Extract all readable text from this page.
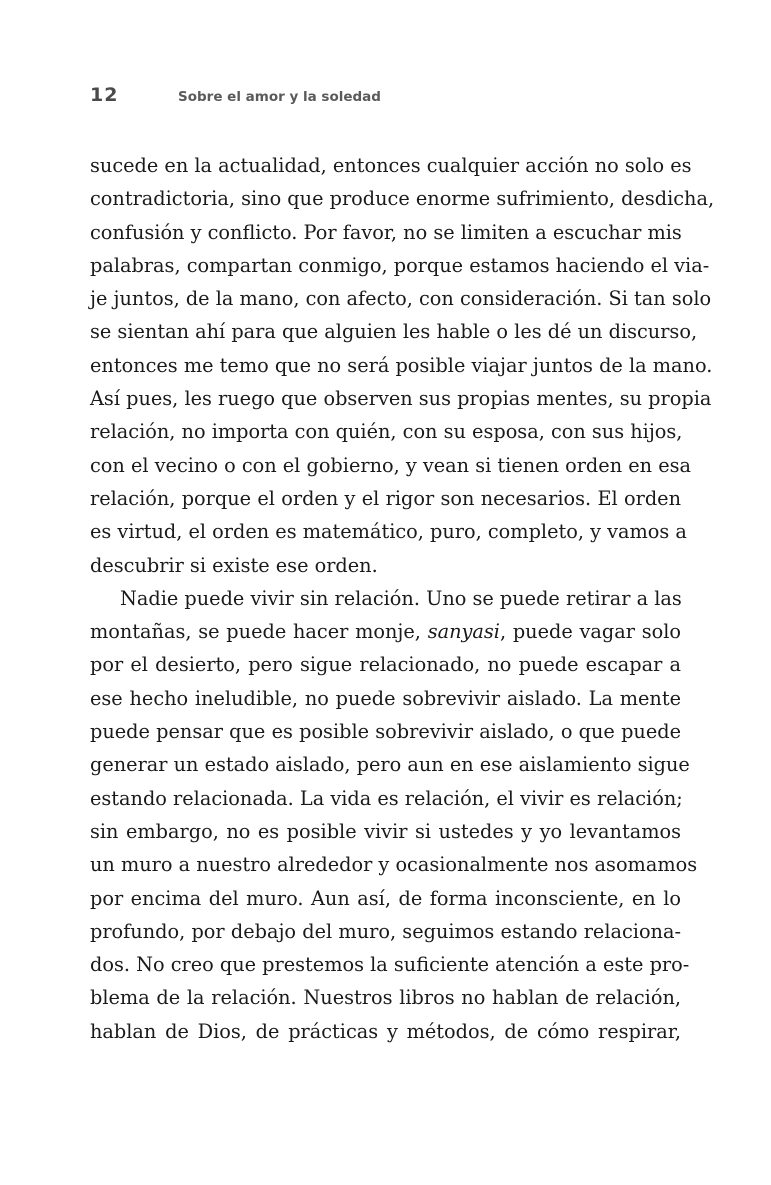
12	Sobre el amor y la soledad
sucede en la actualidad, entonces cualquier acción no solo es
contradictoria, sino que produce enorme sufrimiento, desdicha,
confusión y conflicto. Por favor, no se limiten a escuchar mis
palabras, compartan conmigo, porque estamos haciendo el via-
je juntos, de la mano, con afecto, con consideración. Si tan solo
se sientan ahí para que alguien les hable o les dé un discurso,
entonces me temo que no será posible viajar juntos de la mano.
Así pues, les ruego que observen sus propias mentes, su propia
relación, no importa con quién, con su esposa, con sus hijos,
con el vecino o con el gobierno, y vean si tienen orden en esa
relación, porque el orden y el rigor son necesarios. El orden
es virtud, el orden es matemático, puro, completo, y vamos a
descubrir si existe ese orden.
Nadie puede vivir sin relación. Uno se puede retirar a las
montañas, se puede hacer monje, sanyasi, puede vagar solo
por el desierto, pero sigue relacionado, no puede escapar a
ese hecho ineludible, no puede sobrevivir aislado. La mente
puede pensar que es posible sobrevivir aislado, o que puede
generar un estado aislado, pero aun en ese aislamiento sigue
estando relacionada. La vida es relación, el vivir es relación;
sin embargo, no es posible vivir si ustedes y yo levantamos
un muro a nuestro alrededor y ocasionalmente nos asomamos
por encima del muro. Aun así, de forma inconsciente, en lo
profundo, por debajo del muro, seguimos estando relaciona-
dos. No creo que prestemos la suficiente atención a este pro-
blema de la relación. Nuestros libros no hablan de relación,
hablan de Dios, de prácticas y métodos, de cómo respirar,
